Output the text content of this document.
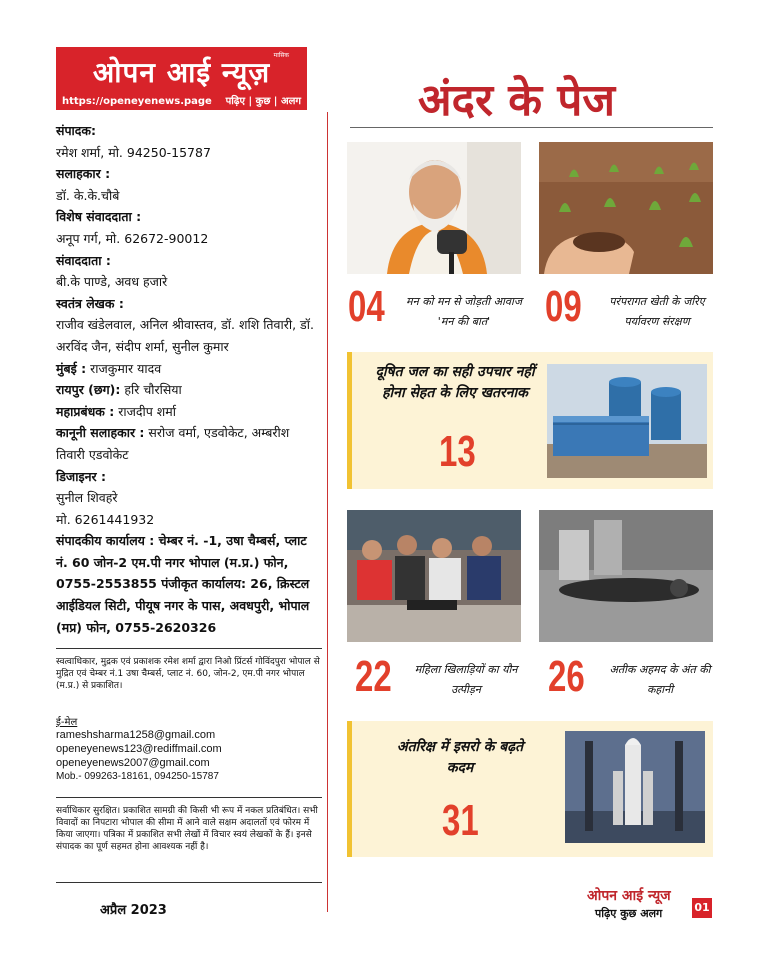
मासिक
ओपन आई न्यूज़
https://openeyenews.page पढ़िए | कुछ | अलग
संपादक:
रमेश शर्मा, मो. 94250-15787
सलाहकार :
डॉ. के.के.चौबे
विशेष संवाददाता :
अनूप गर्ग, मो. 62672-90012
संवाददाता :
बी.के पाण्डे, अवध हजारे
स्वतंत्र लेखक :
राजीव खंडेलवाल, अनिल श्रीवास्तव, डॉ. शशि तिवारी, डॉ. अरविंद जैन, संदीप शर्मा, सुनील कुमार
मुंबई : राजकुमार यादव
रायपुर (छग): हरि चौरसिया
महाप्रबंधक : राजदीप शर्मा
कानूनी सलाहकार : सरोज वर्मा, एडवोकेट, अम्बरीश तिवारी एडवोकेट
डिजाइनर :
सुनील शिवहरे
मो. 6261441932
संपादकीय कार्यालय : चेम्बर नं. -1, उषा चैम्बर्स, प्लाट नं. 60 जोन-2 एम.पी नगर भोपाल (म.प्र.) फोन, 0755-2553855 पंजीकृत कार्यालय: 26, क्रिस्टल आईडियल सिटी, पीयूष नगर के पास, अवधपुरी, भोपाल (मप्र) फोन, 0755-2620326
स्वत्वाधिकार, मुद्रक एवं प्रकाशक रमेश शर्मा द्वारा निओ प्रिंटर्स गोविंदपुरा भोपाल से मुद्रित एवं चेम्बर नं.1 उषा चैम्बर्स, प्लाट नं. 60, जोन-2, एम.पी नगर भोपाल (म.प्र.) से प्रकाशित।
ई-मेल
rameshsharma1258@gmail.com
openeyenews123@rediffmail.com
openeyenews2007@gmail.com
Mob.- 099263-18161, 094250-15787
सर्वाधिकार सुरक्षित। प्रकाशित सामग्री की किसी भी रूप में नकल प्रतिबंधित। सभी विवादों का निपटारा भोपाल की सीमा में आने वाले सक्षम अदालतों एवं फोरम में किया जाएगा। पत्रिका में प्रकाशित सभी लेखों में विचार स्वयं लेखकों के हैं। इनसे संपादक का पूर्ण सहमत होना आवश्यक नहीं है।
अप्रैल 2023
अंदर के पेज
04 मन को मन से जोड़ती आवाज 'मन की बात'	09	परंपरागत खेती के जरिए पर्यावरण संरक्षण
दूषित जल का सही उपचार नहीं होना सेहत के लिए खतरनाक
13
22 महिला खिलाड़ियों का यौन उत्पीड़न	26 अतीक अहमद के अंत की कहानी
अंतरिक्ष में इसरो के बढ़ते कदम
31
ओपन आई न्यूज
पढ़िए कुछ अलग	01
